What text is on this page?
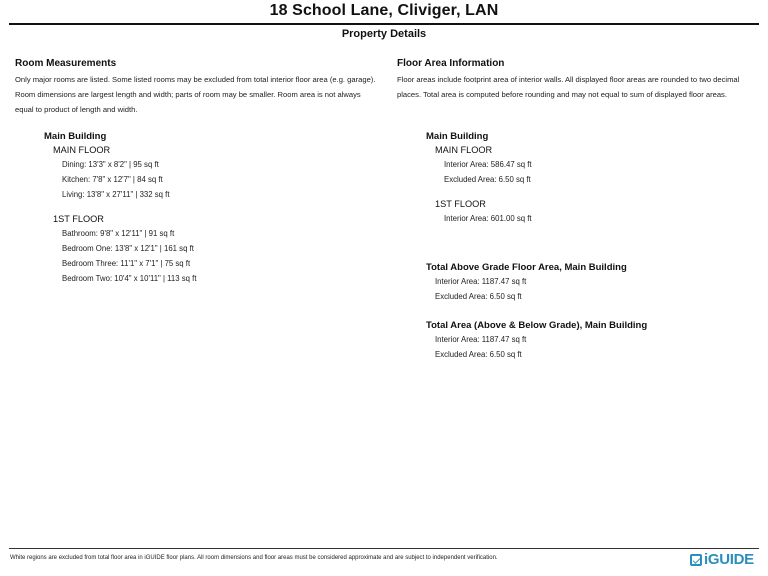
18 School Lane, Cliviger, LAN
Property Details
Room Measurements
Only major rooms are listed. Some listed rooms may be excluded from total interior floor area (e.g. garage). Room dimensions are largest length and width; parts of room may be smaller. Room area is not always equal to product of length and width.
Main Building
MAIN FLOOR
Dining: 13'3" x 8'2" | 95 sq ft
Kitchen: 7'8" x 12'7" | 84 sq ft
Living: 13'8" x 27'11" | 332 sq ft
1ST FLOOR
Bathroom: 9'8" x 12'11" | 91 sq ft
Bedroom One: 13'8" x 12'1" | 161 sq ft
Bedroom Three: 11'1" x 7'1" | 75 sq ft
Bedroom Two: 10'4" x 10'11" | 113 sq ft
Floor Area Information
Floor areas include footprint area of interior walls. All displayed floor areas are rounded to two decimal places. Total area is computed before rounding and may not equal to sum of displayed floor areas.
Main Building
MAIN FLOOR
Interior Area: 586.47 sq ft
Excluded Area: 6.50 sq ft
1ST FLOOR
Interior Area: 601.00 sq ft
Total Above Grade Floor Area, Main Building
Interior Area: 1187.47 sq ft
Excluded Area: 6.50 sq ft
Total Area (Above & Below Grade), Main Building
Interior Area: 1187.47 sq ft
Excluded Area: 6.50 sq ft
White regions are excluded from total floor area in iGUIDE floor plans. All room dimensions and floor areas must be considered approximate and are subject to independent verification.	iGUIDE
